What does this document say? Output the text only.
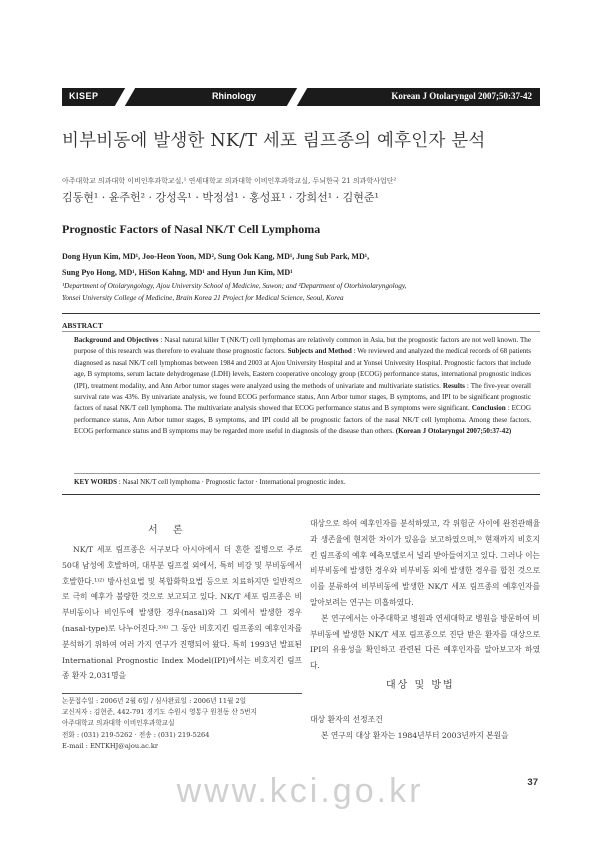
KISEP	Rhinology	Korean J Otolaryngol 2007;50:37-42
비부비동에 발생한 NK/T 세포 림프종의 예후인자 분석
아주대학교 의과대학 이비인후과학교실,¹ 연세대학교 의과대학 이비인후과학교실, 두뇌한국 21 의과학사업단²
김동현¹ · 윤주헌² · 강성옥¹ · 박정섭¹ · 홍성표¹ · 강희선¹ · 김현준¹
Prognostic Factors of Nasal NK/T Cell Lymphoma
Dong Hyun Kim, MD¹, Joo-Heon Yoon, MD², Sung Ook Kang, MD¹, Jung Sub Park, MD¹,
Sung Pyo Hong, MD¹, HiSon Kahng, MD¹ and Hyun Jun Kim, MD¹
¹Department of Otolaryngology, Ajou University School of Medicine, Suwon; and ²Department of Otorhinolaryngology,
Yonsei University College of Medicine, Brain Korea 21 Project for Medical Science, Seoul, Korea
ABSTRACT
Background and Objectives : Nasal natural killer T (NK/T) cell lymphomas are relatively common in Asia, but the prognostic factors are not well known. The purpose of this research was therefore to evaluate those prognostic factors. Subjects and Method : We reviewed and analyzed the medical records of 68 patients diagnosed as nasal NK/T cell lymphomas between 1984 and 2003 at Ajou University Hospital and at Yonsei University Hospital. Prognostic factors that include age, B symptoms, serum lactate dehydrogenase (LDH) levels, Eastern cooperative oncology group (ECOG) performance status, international prognostic indices (IPI), treatment modality, and Ann Arbor tumor stages were analyzed using the methods of univariate and multivariate statistics. Results : The five-year overall survival rate was 43%. By univariate analysis, we found ECOG performance status, Ann Arbor tumor stages, B symptoms, and IPI to be significant prognostic factors of nasal NK/T cell lymphoma. The multivariate analysis showed that ECOG performance status and B symptoms were significant. Conclusion : ECOG performance status, Ann Arbor tumor stages, B symptoms, and IPI could all be prognostic factors of the nasal NK/T cell lymphoma. Among these factors, ECOG performance status and B symptoms may be regarded more useful in diagnosis of the disease than others. (Korean J Otolaryngol 2007;50:37-42)
KEY WORDS : Nasal NK/T cell lymphoma · Prognostic factor · International prognostic index.
서 론

NK/T 세포 림프종은 서구보다 아시아에서 더 흔한 질병으로 주로 50대 남성에 호발하며, 대부분 림프절 외에서, 특히 비강 및 부비동에서 호발한다.¹⁾²⁾ 방사선요법 및 복합화학요법 등으로 치료하지만 일반적으로 극히 예후가 불량한 것으로 보고되고 있다. NK/T 세포 림프종은 비부비동이나 비인두에 발생한 경우(nasal)와 그 외에서 발생한 경우(nasal-type)로 나누어진다.³⁾⁴⁾ 그 동안 비호지킨 림프종의 예후인자를 분석하기 위하여 여러 가지 연구가 진행되어 왔다. 특히 1993년 발표된 International Prognostic Index Model(IPI)에서는 비호지킨 림프종 환자 2,031명을

논문접수일 : 2006년 2월 6일 / 심사완료일 : 2006년 11월 2일
교신저자 : 김현준, 442-791 경기도 수원시 영통구 원천동 산 5번지
아주대학교 의과대학 이비인후과학교실
전화 : (031) 219-5262 · 전송 : (031) 219-5264
E-mail : ENTKHJ@ajou.ac.kr

대상으로 하여 예후인자를 분석하였고, 각 위험군 사이에 완전관해율과 생존율에 현저한 차이가 있음을 보고하였으며,⁵⁾ 현재까지 비호지킨 림프종의 예후 예측모델로서 널리 받아들여지고 있다. 그러나 이는 비부비동에 발생한 경우와 비부비동 외에 발생한 경우를 합친 것으로 이를 분류하여 비부비동에 발생한 NK/T 세포 림프종의 예후인자를 알아보려는 연구는 미흡하였다.

본 연구에서는 아주대학교 병원과 연세대학교 병원을 방문하여 비부비동에 발생한 NK/T 세포 림프종으로 진단 받은 환자를 대상으로 IPI의 유용성을 확인하고 관련된 다른 예후인자를 알아보고자 하였다.

대상 및 방법
대상 환자의 선정조건

본 연구의 대상 환자는 1984년부터 2003년까지 본원을

www.kci.go.kr	37
